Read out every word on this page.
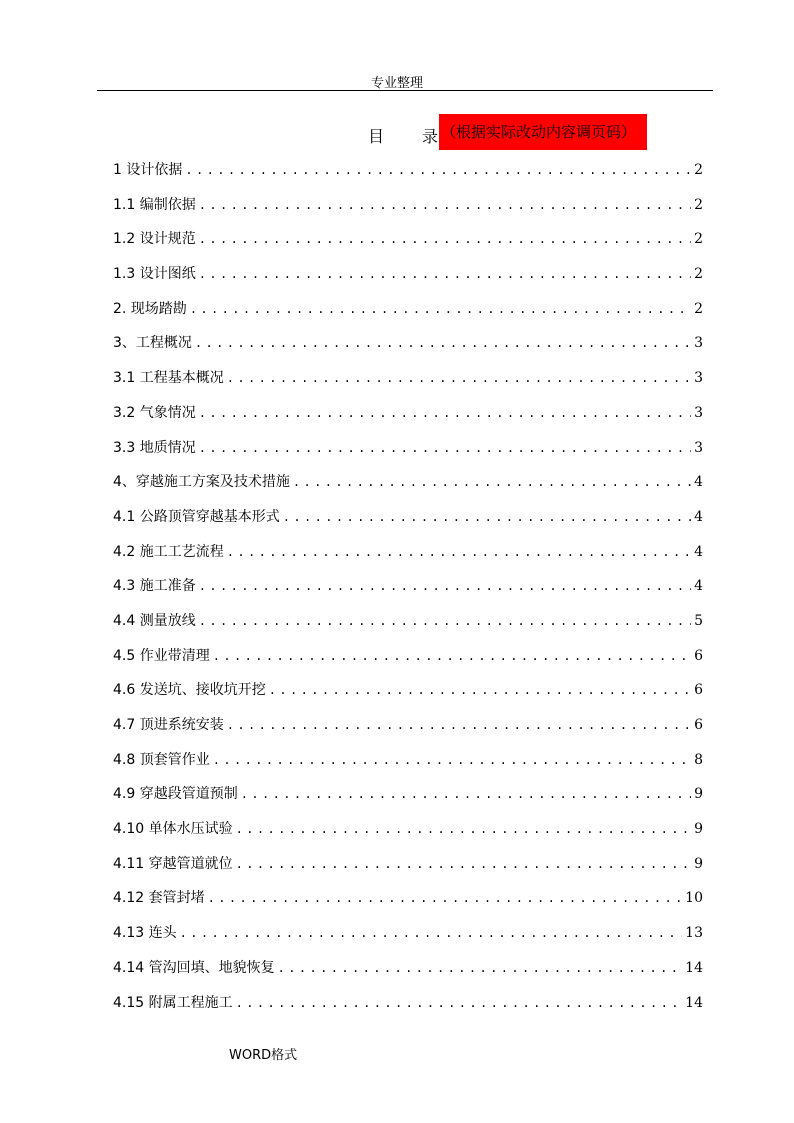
专业整理
目 录 （根据实际改动内容调页码）
1 设计依据 .....	2
1.1 编制依据 .....	2
1.2 设计规范 .....	2
1.3 设计图纸 .....	2
2. 现场踏勘 .....	2
3、工程概况 .....	3
3.1 工程基本概况 .....	3
3.2 气象情况 .....	3
3.3 地质情况 .....	3
4、穿越施工方案及技术措施 .....	4
4.1 公路顶管穿越基本形式 .....	4
4.2 施工工艺流程 .....	4
4.3 施工准备 .....	4
4.4 测量放线 .....	5
4.5 作业带清理 .....	6
4.6 发送坑、接收坑开挖 .....	6
4.7 顶进系统安装 .....	6
4.8 顶套管作业 .....	8
4.9 穿越段管道预制 .....	9
4.10 单体水压试验 .....	9
4.11 穿越管道就位 .....	9
4.12 套管封堵 .....	10
4.13 连头 .....	13
4.14 管沟回填、地貌恢复 .....	14
4.15 附属工程施工 .....	14
WORD格式
